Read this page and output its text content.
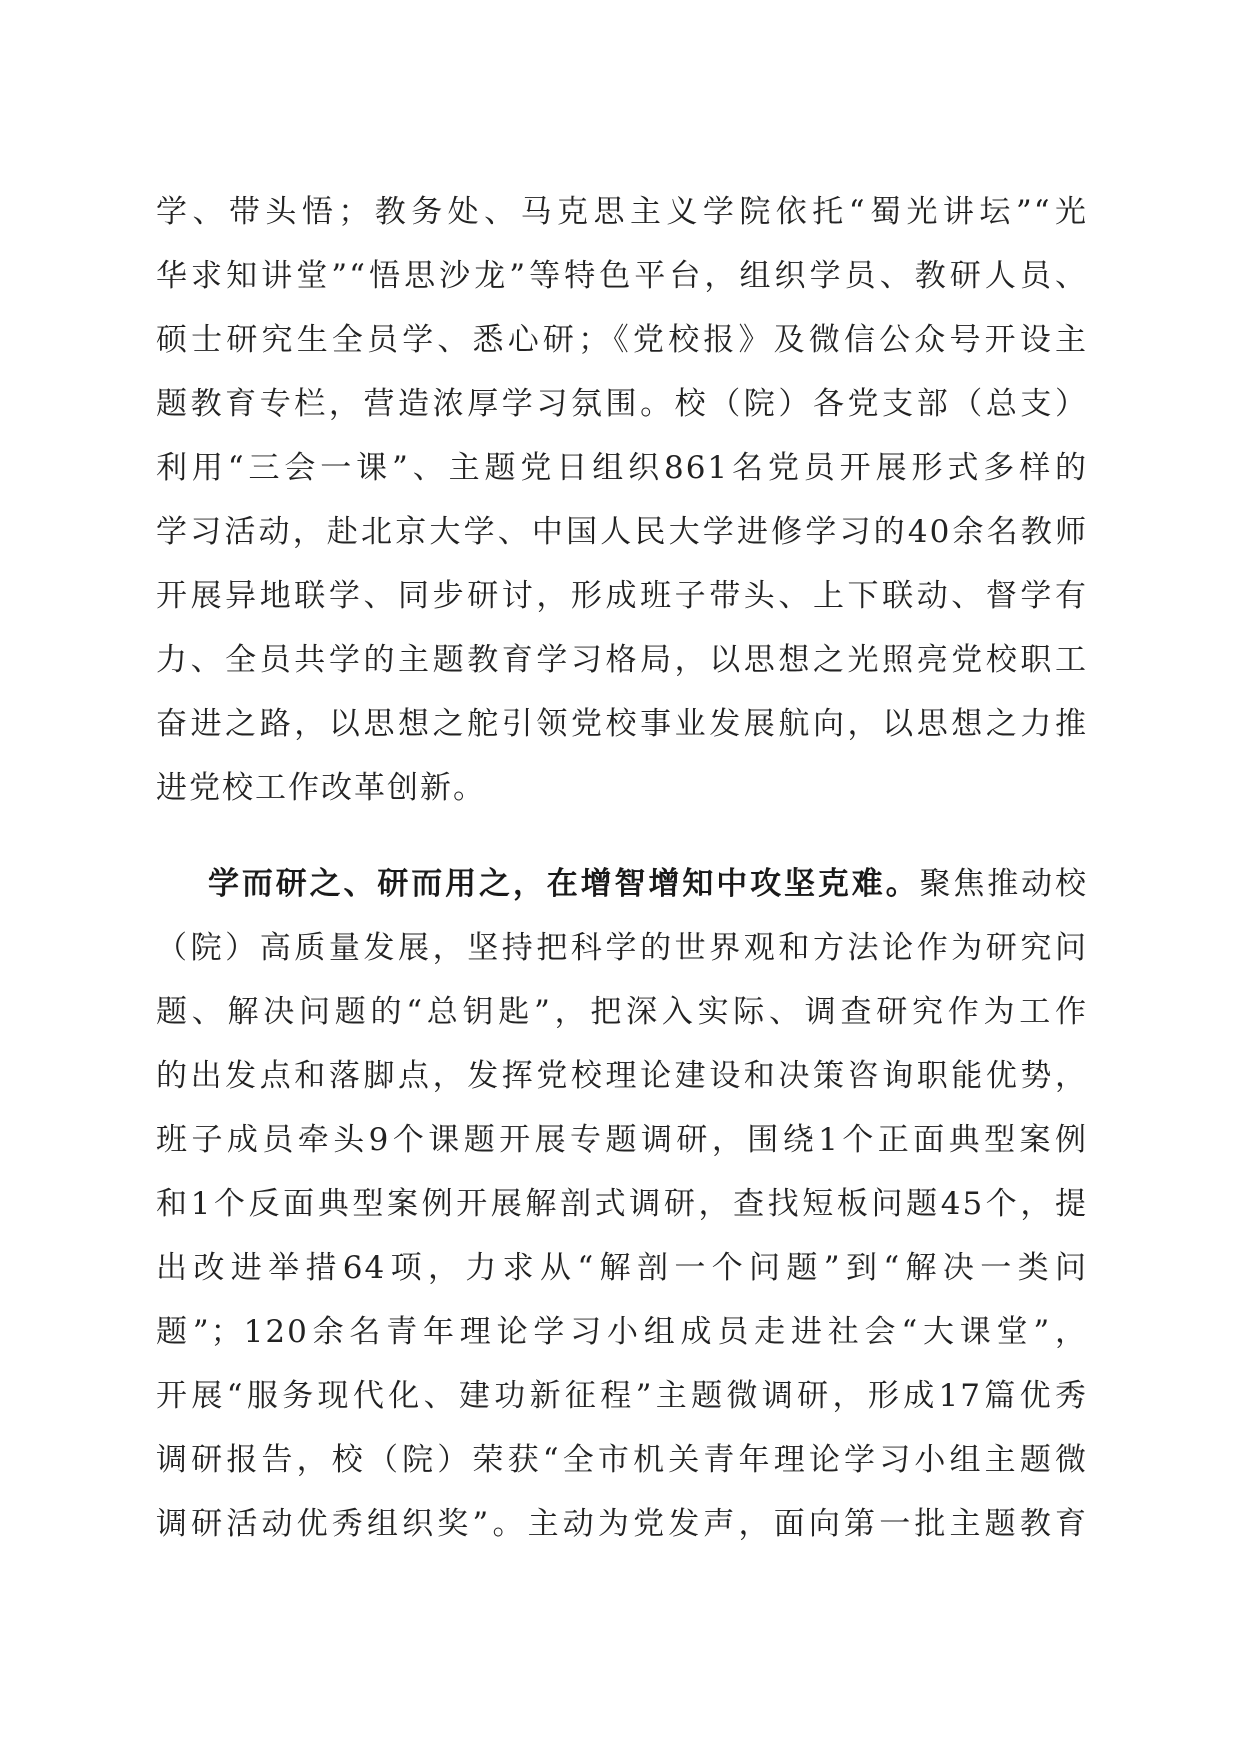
学、带头悟；教务处、马克思主义学院依托“蜀光讲坛”“光
华求知讲堂”“悟思沙龙”等特色平台，组织学员、教研人员、
硕士研究生全员学、悉心研；《党校报》及微信公众号开设主
题教育专栏，营造浓厚学习氛围。校（院）各党支部（总支）
利用“三会一课”、主题党日组织861名党员开展形式多样的
学习活动，赴北京大学、中国人民大学进修学习的40余名教师
开展异地联学、同步研讨，形成班子带头、上下联动、督学有
力、全员共学的主题教育学习格局，以思想之光照亮党校职工
奋进之路，以思想之舵引领党校事业发展航向，以思想之力推
进党校工作改革创新。
学而研之、研而用之，在增智增知中攻坚克难。聚焦推动校
（院）高质量发展，坚持把科学的世界观和方法论作为研究问
题、解决问题的“总钥匙”，把深入实际、调查研究作为工作
的出发点和落脚点，发挥党校理论建设和决策咨询职能优势，
班子成员牵头9个课题开展专题调研，围绕1个正面典型案例
和1个反面典型案例开展解剖式调研，查找短板问题45个，提
出改进举措64项，力求从“解剖一个问题”到“解决一类问
题”；120余名青年理论学习小组成员走进社会“大课堂”，
开展“服务现代化、建功新征程”主题微调研，形成17篇优秀
调研报告，校（院）荣获“全市机关青年理论学习小组主题微
调研活动优秀组织奖”。主动为党发声，面向第一批主题教育
